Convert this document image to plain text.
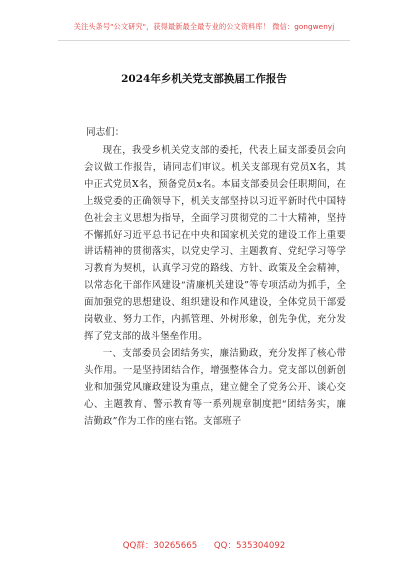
关注头条号"公文研究"，获得最新最全最专业的公文资料库！ 微信：gongwenyj
2024年乡机关党支部换届工作报告
同志们：

现在，我受乡机关党支部的委托，代表上届支部委员会向会议做工作报告，请同志们审议。机关支部现有党员X名，其中正式党员X名，预备党员x名。本届支部委员会任职期间，在上级党委的正确领导下，机关支部坚持以习近平新时代中国特色社会主义思想为指导，全面学习贯彻党的二十大精神，坚持不懈抓好习近平总书记在中央和国家机关党的建设工作上重要讲话精神的贯彻落实，以党史学习、主题教育、党纪学习等学习教育为契机，认真学习党的路线、方针、政策及全会精神，以常态化干部作风建设“清廉机关建设”等专项活动为抓手，全面加强党的思想建设、组织建设和作风建设，全体党员干部爱岗敬业、努力工作，内抓管理、外树形象，创先争优，充分发挥了党支部的战斗堡垒作用。

一、支部委员会团结务实，廉洁勤政，充分发挥了核心带头作用。一是坚持团结合作，增强整体合力。党支部以创新创业和加强党风廉政建设为重点，建立健全了党务公开、谈心交心、主题教育、警示教育等一系列规章制度把“团结务实，廉洁勤政”作为工作的座右铭。支部班子

QQ群：30265665 QQ：535304092
